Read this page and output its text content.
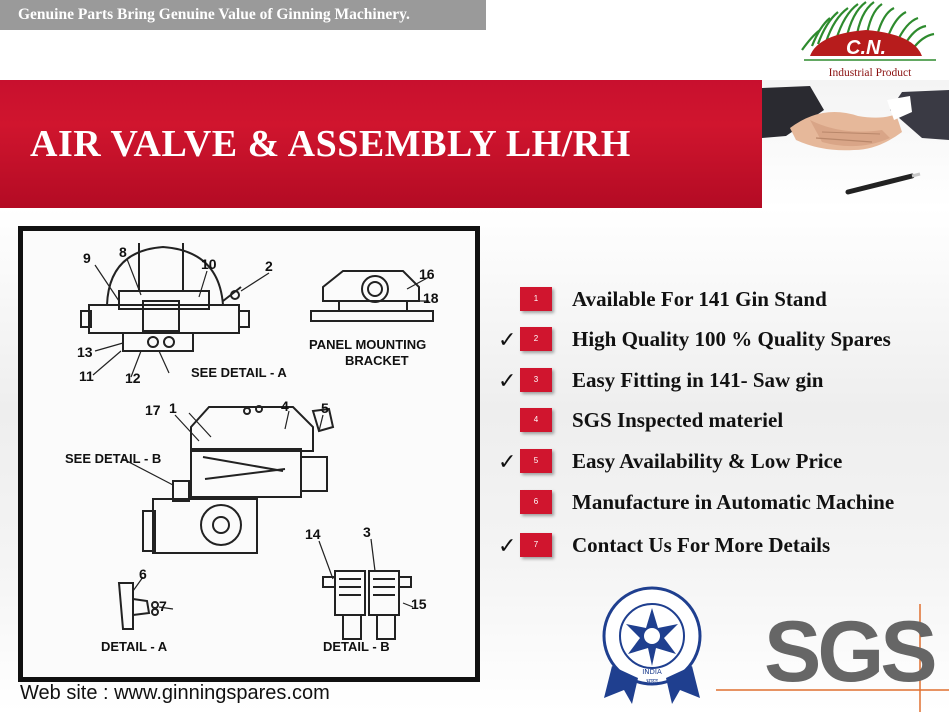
Genuine Parts Bring Genuine Value of Ginning Machinery.
C.N.
Industrial Product
AIR VALVE & ASSEMBLY LH/RH
9 8
10	2
13
11 12
16
18
17 1	4 5
14	3
6
7	15
SEE DETAIL - A
SEE DETAIL - B
PANEL MOUNTING
BRACKET
DETAIL - A	DETAIL - B
Web site : www.ginningspares.com
1	Available For 141 Gin Stand
✓	2	High Quality 100 % Quality Spares
✓	3	Easy Fitting in 141- Saw gin
4	SGS Inspected materiel
✓	5	Easy Availability & Low Price
6	Manufacture in Automatic Machine
✓	7	Contact Us For More Details
INDIA
भारत SGS
